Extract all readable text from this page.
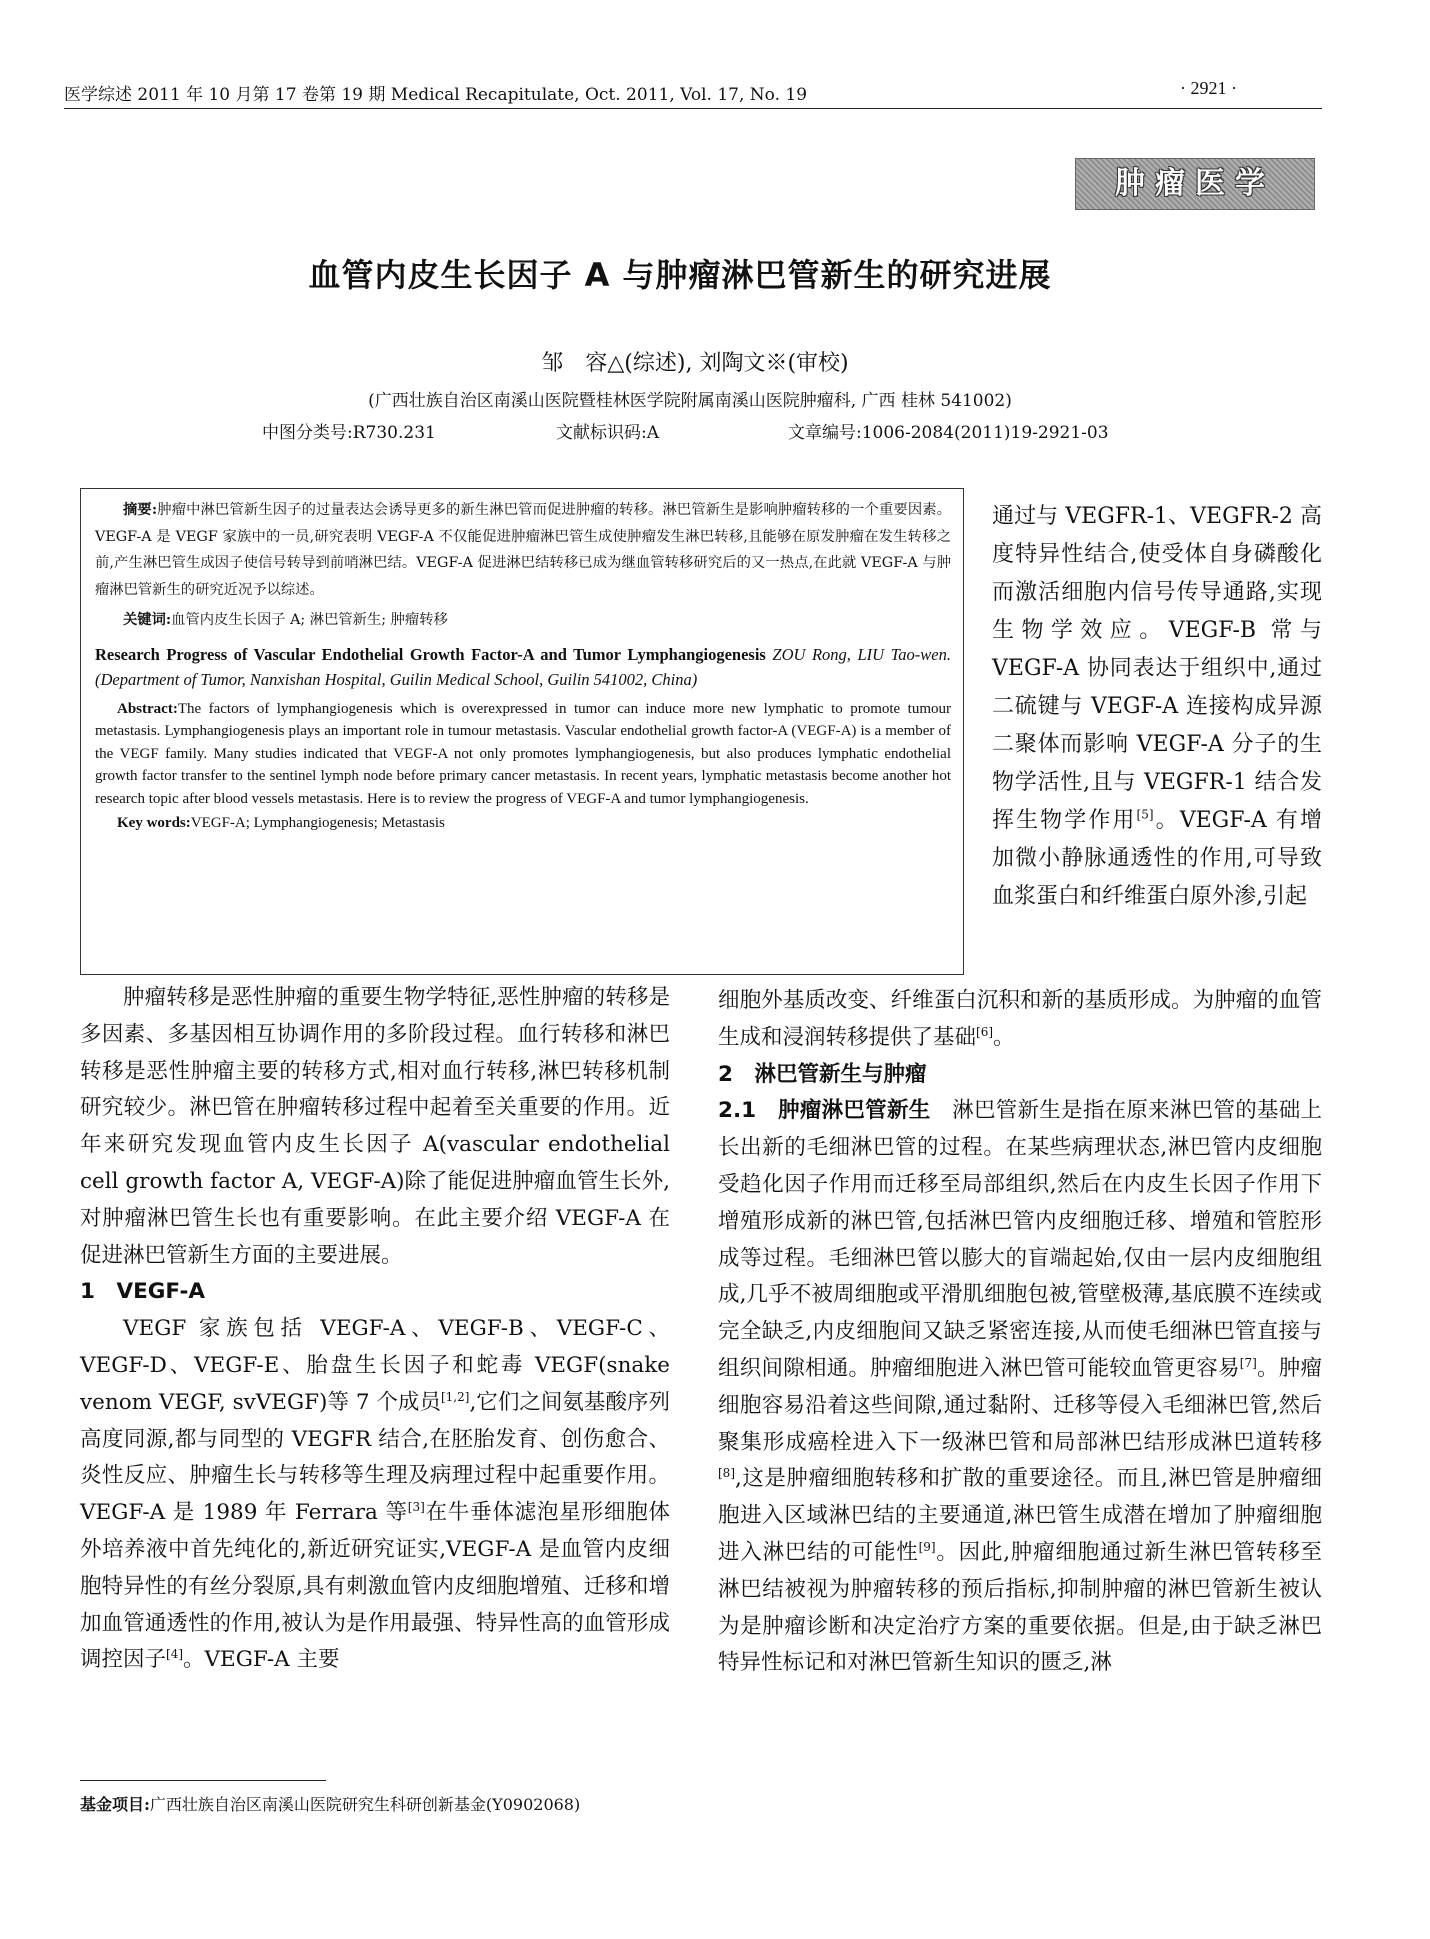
医学综述 2011 年 10 月第 17 卷第 19 期 Medical Recapitulate, Oct. 2011, Vol. 17, No. 19	· 2921 ·
肿瘤医学
血管内皮生长因子 A 与肿瘤淋巴管新生的研究进展
邹　容△(综述), 刘陶文※(审校)
(广西壮族自治区南溪山医院暨桂林医学院附属南溪山医院肿瘤科, 广西 桂林 541002)
中图分类号:R730.231	文献标识码:A	文章编号:1006-2084(2011)19-2921-03

摘要:肿瘤中淋巴管新生因子的过量表达会诱导更多的新生淋巴管而促进肿瘤的转移。淋巴管新生是影响肿瘤转移的一个重要因素。VEGF-A 是 VEGF 家族中的一员,研究表明 VEGF-A 不仅能促进肿瘤淋巴管生成使肿瘤发生淋巴转移,且能够在原发肿瘤在发生转移之前,产生淋巴管生成因子使信号转导到前哨淋巴结。VEGF-A 促进淋巴结转移已成为继血管转移研究后的又一热点,在此就 VEGF-A 与肿瘤淋巴管新生的研究近况予以综述。

关键词:血管内皮生长因子 A; 淋巴管新生; 肿瘤转移

Research Progress of Vascular Endothelial Growth Factor-A and Tumor Lymphangiogenesis ZOU Rong, LIU Tao-wen. (Department of Tumor, Nanxishan Hospital, Guilin Medical School, Guilin 541002, China)

Abstract:The factors of lymphangiogenesis which is overexpressed in tumor can induce more new lymphatic to promote tumour metastasis. Lymphangiogenesis plays an important role in tumour metastasis. Vascular endothelial growth factor-A (VEGF-A) is a member of the VEGF family. Many studies indicated that VEGF-A not only promotes lymphangiogenesis, but also produces lymphatic endothelial growth factor transfer to the sentinel lymph node before primary cancer metastasis. In recent years, lymphatic metastasis become another hot research topic after blood vessels metastasis. Here is to review the progress of VEGF-A and tumor lymphangiogenesis.

Key words:VEGF-A; Lymphangiogenesis; Metastasis

通过与 VEGFR-1、VEGFR-2 高度特异性结合,使受体自身磷酸化而激活细胞内信号传导通路,实现生物学效应。VEGF-B 常与 VEGF-A 协同表达于组织中,通过二硫键与 VEGF-A 连接构成异源二聚体而影响 VEGF-A 分子的生物学活性,且与 VEGFR-1 结合发挥生物学作用[5]。VEGF-A 有增加微小静脉通透性的作用,可导致血浆蛋白和纤维蛋白原外渗,引起

肿瘤转移是恶性肿瘤的重要生物学特征,恶性肿瘤的转移是多因素、多基因相互协调作用的多阶段过程。血行转移和淋巴转移是恶性肿瘤主要的转移方式,相对血行转移,淋巴转移机制研究较少。淋巴管在肿瘤转移过程中起着至关重要的作用。近年来研究发现血管内皮生长因子 A(vascular endothelial cell growth factor A, VEGF-A)除了能促进肿瘤血管生长外,对肿瘤淋巴管生长也有重要影响。在此主要介绍 VEGF-A 在促进淋巴管新生方面的主要进展。

1　VEGF-A

VEGF 家族包括 VEGF-A、VEGF-B、VEGF-C、VEGF-D、VEGF-E、胎盘生长因子和蛇毒 VEGF(snake venom VEGF, svVEGF)等 7 个成员[1,2],它们之间氨基酸序列高度同源,都与同型的 VEGFR 结合,在胚胎发育、创伤愈合、炎性反应、肿瘤生长与转移等生理及病理过程中起重要作用。VEGF-A 是 1989 年 Ferrara 等[3]在牛垂体滤泡星形细胞体外培养液中首先纯化的,新近研究证实,VEGF-A 是血管内皮细胞特异性的有丝分裂原,具有刺激血管内皮细胞增殖、迁移和增加血管通透性的作用,被认为是作用最强、特异性高的血管形成调控因子[4]。VEGF-A 主要

细胞外基质改变、纤维蛋白沉积和新的基质形成。为肿瘤的血管生成和浸润转移提供了基础[6]。

2　淋巴管新生与肿瘤

2.1　肿瘤淋巴管新生　淋巴管新生是指在原来淋巴管的基础上长出新的毛细淋巴管的过程。在某些病理状态,淋巴管内皮细胞受趋化因子作用而迁移至局部组织,然后在内皮生长因子作用下增殖形成新的淋巴管,包括淋巴管内皮细胞迁移、增殖和管腔形成等过程。毛细淋巴管以膨大的盲端起始,仅由一层内皮细胞组成,几乎不被周细胞或平滑肌细胞包被,管壁极薄,基底膜不连续或完全缺乏,内皮细胞间又缺乏紧密连接,从而使毛细淋巴管直接与组织间隙相通。肿瘤细胞进入淋巴管可能较血管更容易[7]。肿瘤细胞容易沿着这些间隙,通过黏附、迁移等侵入毛细淋巴管,然后聚集形成癌栓进入下一级淋巴管和局部淋巴结形成淋巴道转移[8],这是肿瘤细胞转移和扩散的重要途径。而且,淋巴管是肿瘤细胞进入区域淋巴结的主要通道,淋巴管生成潜在增加了肿瘤细胞进入淋巴结的可能性[9]。因此,肿瘤细胞通过新生淋巴管转移至淋巴结被视为肿瘤转移的预后指标,抑制肿瘤的淋巴管新生被认为是肿瘤诊断和决定治疗方案的重要依据。但是,由于缺乏淋巴特异性标记和对淋巴管新生知识的匮乏,淋

基金项目:广西壮族自治区南溪山医院研究生科研创新基金(Y0902068)
